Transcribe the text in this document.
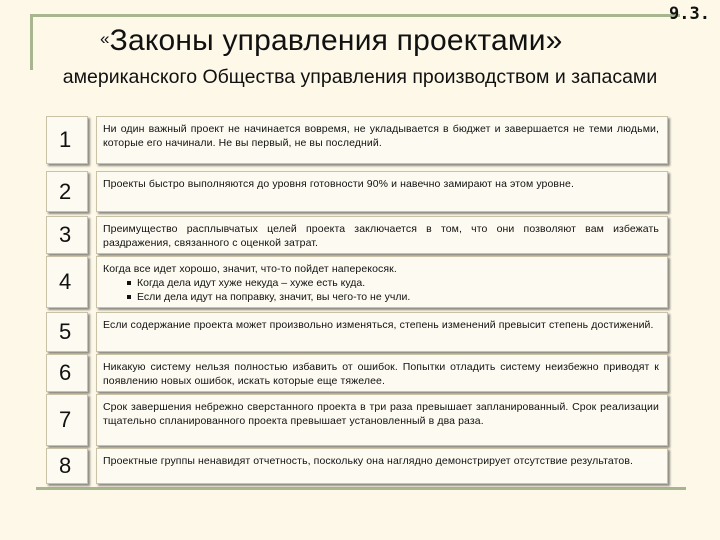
9.3.
«Законы управления проектами»
американского Общества управления производством и запасами
1	Ни один важный проект не начинается вовремя, не укладывается в бюджет и завершается не теми людьми, которые его начинали. Не вы первый, не вы последний.
2	Проекты быстро выполняются до уровня готовности 90% и навечно замирают на этом уровне.
3	Преимущество расплывчатых целей проекта заключается в том, что они позволяют вам избежать раздражения, связанного с оценкой затрат.
4	Когда все идет хорошо, значит, что-то пойдет наперекосяк.
Когда дела идут хуже некуда – хуже есть куда.
Если дела идут на поправку, значит, вы чего-то не учли.
5	Если содержание проекта может произвольно изменяться, степень изменений превысит степень достижений.
6	Никакую систему нельзя полностью избавить от ошибок. Попытки отладить систему неизбежно приводят к появлению новых ошибок, искать которые еще тяжелее.
7	Срок завершения небрежно сверстанного проекта в три раза превышает запланированный. Срок реализации тщательно спланированного проекта превышает установленный в два раза.
8	Проектные группы ненавидят отчетность, поскольку она наглядно демонстрирует отсутствие результатов.
